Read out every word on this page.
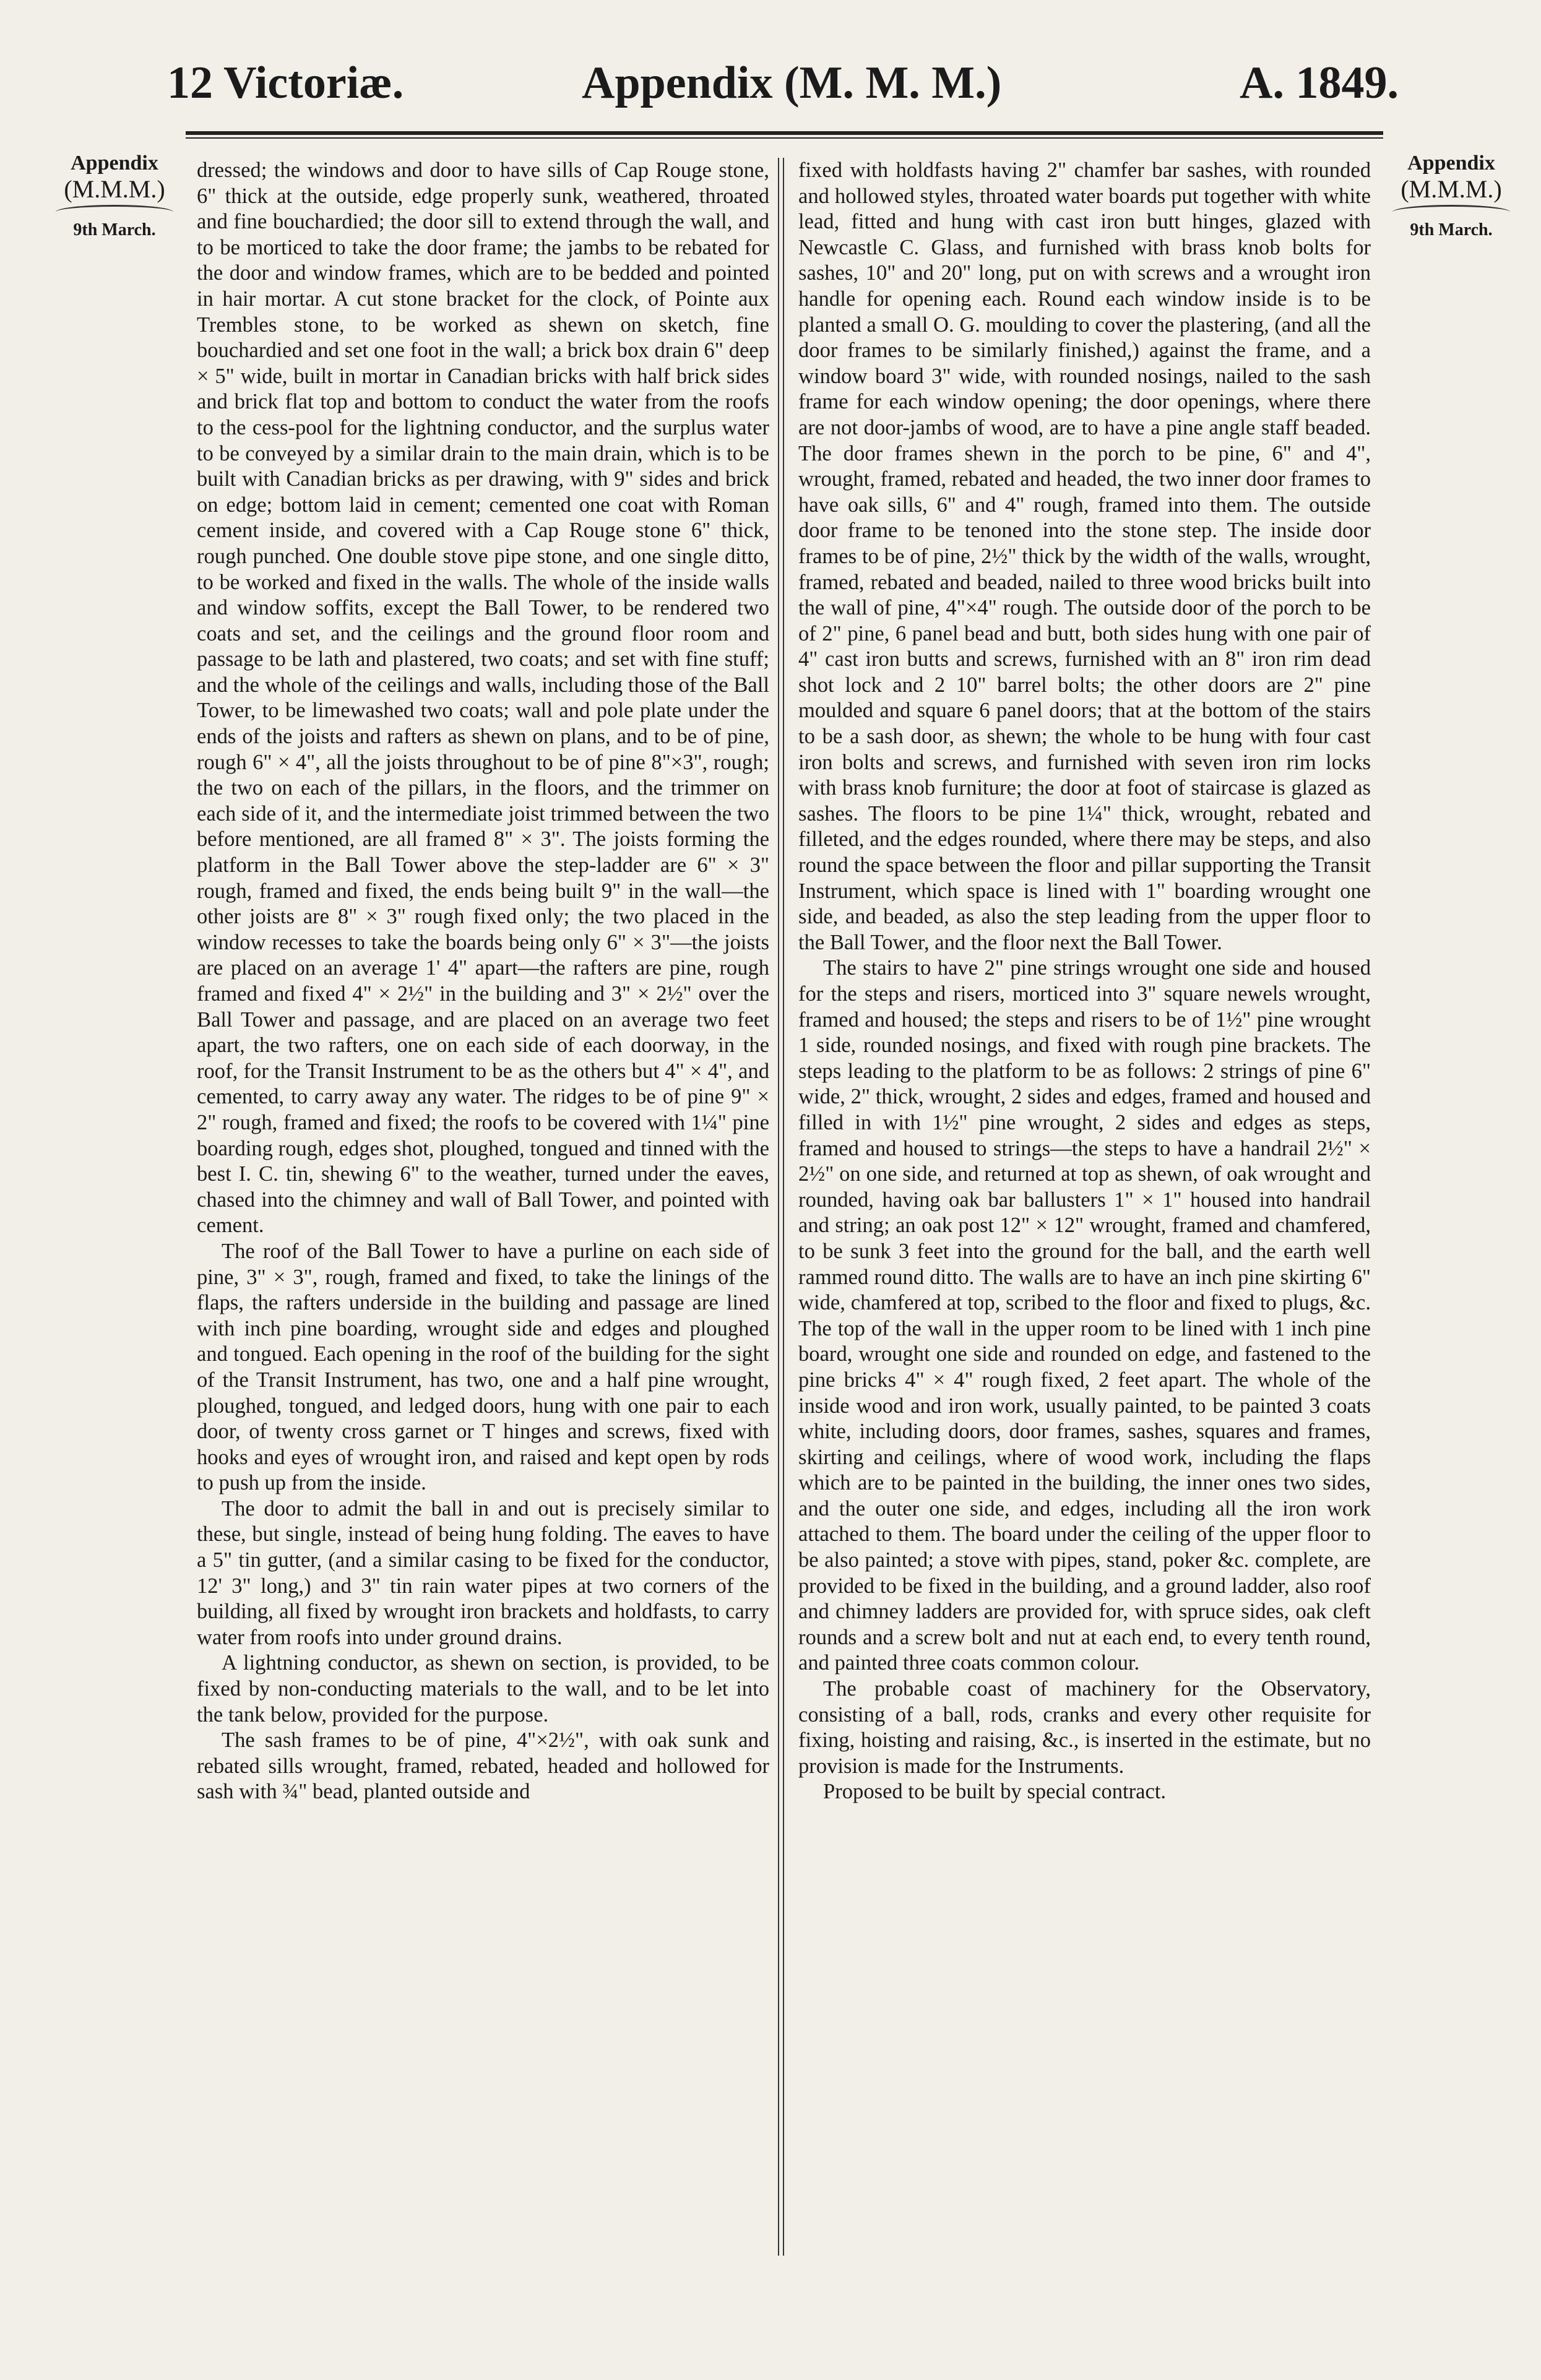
12 Victoriæ.	Appendix (M. M. M.)	A. 1849.
Appendix
(M.M.M.)
9th March.
Appendix
(M.M.M.)
9th March.

dressed; the windows and door to have sills of Cap Rouge stone, 6" thick at the outside, edge properly sunk, weathered, throated and fine bouchardied; the door sill to extend through the wall, and to be morticed to take the door frame; the jambs to be rebated for the door and window frames, which are to be bedded and pointed in hair mortar. A cut stone bracket for the clock, of Pointe aux Trembles stone, to be worked as shewn on sketch, fine bouchardied and set one foot in the wall; a brick box drain 6" deep × 5" wide, built in mortar in Canadian bricks with half brick sides and brick flat top and bottom to conduct the water from the roofs to the cess-pool for the lightning conductor, and the surplus water to be conveyed by a similar drain to the main drain, which is to be built with Canadian bricks as per drawing, with 9" sides and brick on edge; bottom laid in cement; cemented one coat with Roman cement inside, and covered with a Cap Rouge stone 6" thick, rough punched. One double stove pipe stone, and one single ditto, to be worked and fixed in the walls. The whole of the inside walls and window soffits, except the Ball Tower, to be rendered two coats and set, and the ceilings and the ground floor room and passage to be lath and plastered, two coats; and set with fine stuff; and the whole of the ceilings and walls, including those of the Ball Tower, to be limewashed two coats; wall and pole plate under the ends of the joists and rafters as shewn on plans, and to be of pine, rough 6" × 4", all the joists throughout to be of pine 8"×3", rough; the two on each of the pillars, in the floors, and the trimmer on each side of it, and the intermediate joist trimmed between the two before mentioned, are all framed 8" × 3". The joists forming the platform in the Ball Tower above the step-ladder are 6" × 3" rough, framed and fixed, the ends being built 9" in the wall—the other joists are 8" × 3" rough fixed only; the two placed in the window recesses to take the boards being only 6" × 3"—the joists are placed on an average 1' 4" apart—the rafters are pine, rough framed and fixed 4" × 2½" in the building and 3" × 2½" over the Ball Tower and passage, and are placed on an average two feet apart, the two rafters, one on each side of each doorway, in the roof, for the Transit Instrument to be as the others but 4" × 4", and cemented, to carry away any water. The ridges to be of pine 9" × 2" rough, framed and fixed; the roofs to be covered with 1¼" pine boarding rough, edges shot, ploughed, tongued and tinned with the best I. C. tin, shewing 6" to the weather, turned under the eaves, chased into the chimney and wall of Ball Tower, and pointed with cement.

The roof of the Ball Tower to have a purline on each side of pine, 3" × 3", rough, framed and fixed, to take the linings of the flaps, the rafters underside in the building and passage are lined with inch pine boarding, wrought side and edges and ploughed and tongued. Each opening in the roof of the building for the sight of the Transit Instrument, has two, one and a half pine wrought, ploughed, tongued, and ledged doors, hung with one pair to each door, of twenty cross garnet or T hinges and screws, fixed with hooks and eyes of wrought iron, and raised and kept open by rods to push up from the inside.

The door to admit the ball in and out is precisely similar to these, but single, instead of being hung folding. The eaves to have a 5" tin gutter, (and a similar casing to be fixed for the conductor, 12' 3" long,) and 3" tin rain water pipes at two corners of the building, all fixed by wrought iron brackets and holdfasts, to carry water from roofs into under ground drains.

A lightning conductor, as shewn on section, is provided, to be fixed by non-conducting materials to the wall, and to be let into the tank below, provided for the purpose.

The sash frames to be of pine, 4"×2½", with oak sunk and rebated sills wrought, framed, rebated, headed and hollowed for sash with ¾" bead, planted outside and

fixed with holdfasts having 2" chamfer bar sashes, with rounded and hollowed styles, throated water boards put together with white lead, fitted and hung with cast iron butt hinges, glazed with Newcastle C. Glass, and furnished with brass knob bolts for sashes, 10" and 20" long, put on with screws and a wrought iron handle for opening each. Round each window inside is to be planted a small O. G. moulding to cover the plastering, (and all the door frames to be similarly finished,) against the frame, and a window board 3" wide, with rounded nosings, nailed to the sash frame for each window opening; the door openings, where there are not door-jambs of wood, are to have a pine angle staff beaded. The door frames shewn in the porch to be pine, 6" and 4", wrought, framed, rebated and headed, the two inner door frames to have oak sills, 6" and 4" rough, framed into them. The outside door frame to be tenoned into the stone step. The inside door frames to be of pine, 2½" thick by the width of the walls, wrought, framed, rebated and beaded, nailed to three wood bricks built into the wall of pine, 4"×4" rough. The outside door of the porch to be of 2" pine, 6 panel bead and butt, both sides hung with one pair of 4" cast iron butts and screws, furnished with an 8" iron rim dead shot lock and 2 10" barrel bolts; the other doors are 2" pine moulded and square 6 panel doors; that at the bottom of the stairs to be a sash door, as shewn; the whole to be hung with four cast iron bolts and screws, and furnished with seven iron rim locks with brass knob furniture; the door at foot of staircase is glazed as sashes. The floors to be pine 1¼" thick, wrought, rebated and filleted, and the edges rounded, where there may be steps, and also round the space between the floor and pillar supporting the Transit Instrument, which space is lined with 1" boarding wrought one side, and beaded, as also the step leading from the upper floor to the Ball Tower, and the floor next the Ball Tower.

The stairs to have 2" pine strings wrought one side and housed for the steps and risers, morticed into 3" square newels wrought, framed and housed; the steps and risers to be of 1½" pine wrought 1 side, rounded nosings, and fixed with rough pine brackets. The steps leading to the platform to be as follows: 2 strings of pine 6" wide, 2" thick, wrought, 2 sides and edges, framed and housed and filled in with 1½" pine wrought, 2 sides and edges as steps, framed and housed to strings—the steps to have a handrail 2½" × 2½" on one side, and returned at top as shewn, of oak wrought and rounded, having oak bar ballusters 1" × 1" housed into handrail and string; an oak post 12" × 12" wrought, framed and chamfered, to be sunk 3 feet into the ground for the ball, and the earth well rammed round ditto. The walls are to have an inch pine skirting 6" wide, chamfered at top, scribed to the floor and fixed to plugs, &c. The top of the wall in the upper room to be lined with 1 inch pine board, wrought one side and rounded on edge, and fastened to the pine bricks 4" × 4" rough fixed, 2 feet apart. The whole of the inside wood and iron work, usually painted, to be painted 3 coats white, including doors, door frames, sashes, squares and frames, skirting and ceilings, where of wood work, including the flaps which are to be painted in the building, the inner ones two sides, and the outer one side, and edges, including all the iron work attached to them. The board under the ceiling of the upper floor to be also painted; a stove with pipes, stand, poker &c. complete, are provided to be fixed in the building, and a ground ladder, also roof and chimney ladders are provided for, with spruce sides, oak cleft rounds and a screw bolt and nut at each end, to every tenth round, and painted three coats common colour.

The probable coast of machinery for the Observatory, consisting of a ball, rods, cranks and every other requisite for fixing, hoisting and raising, &c., is inserted in the estimate, but no provision is made for the Instruments.

Proposed to be built by special contract.
